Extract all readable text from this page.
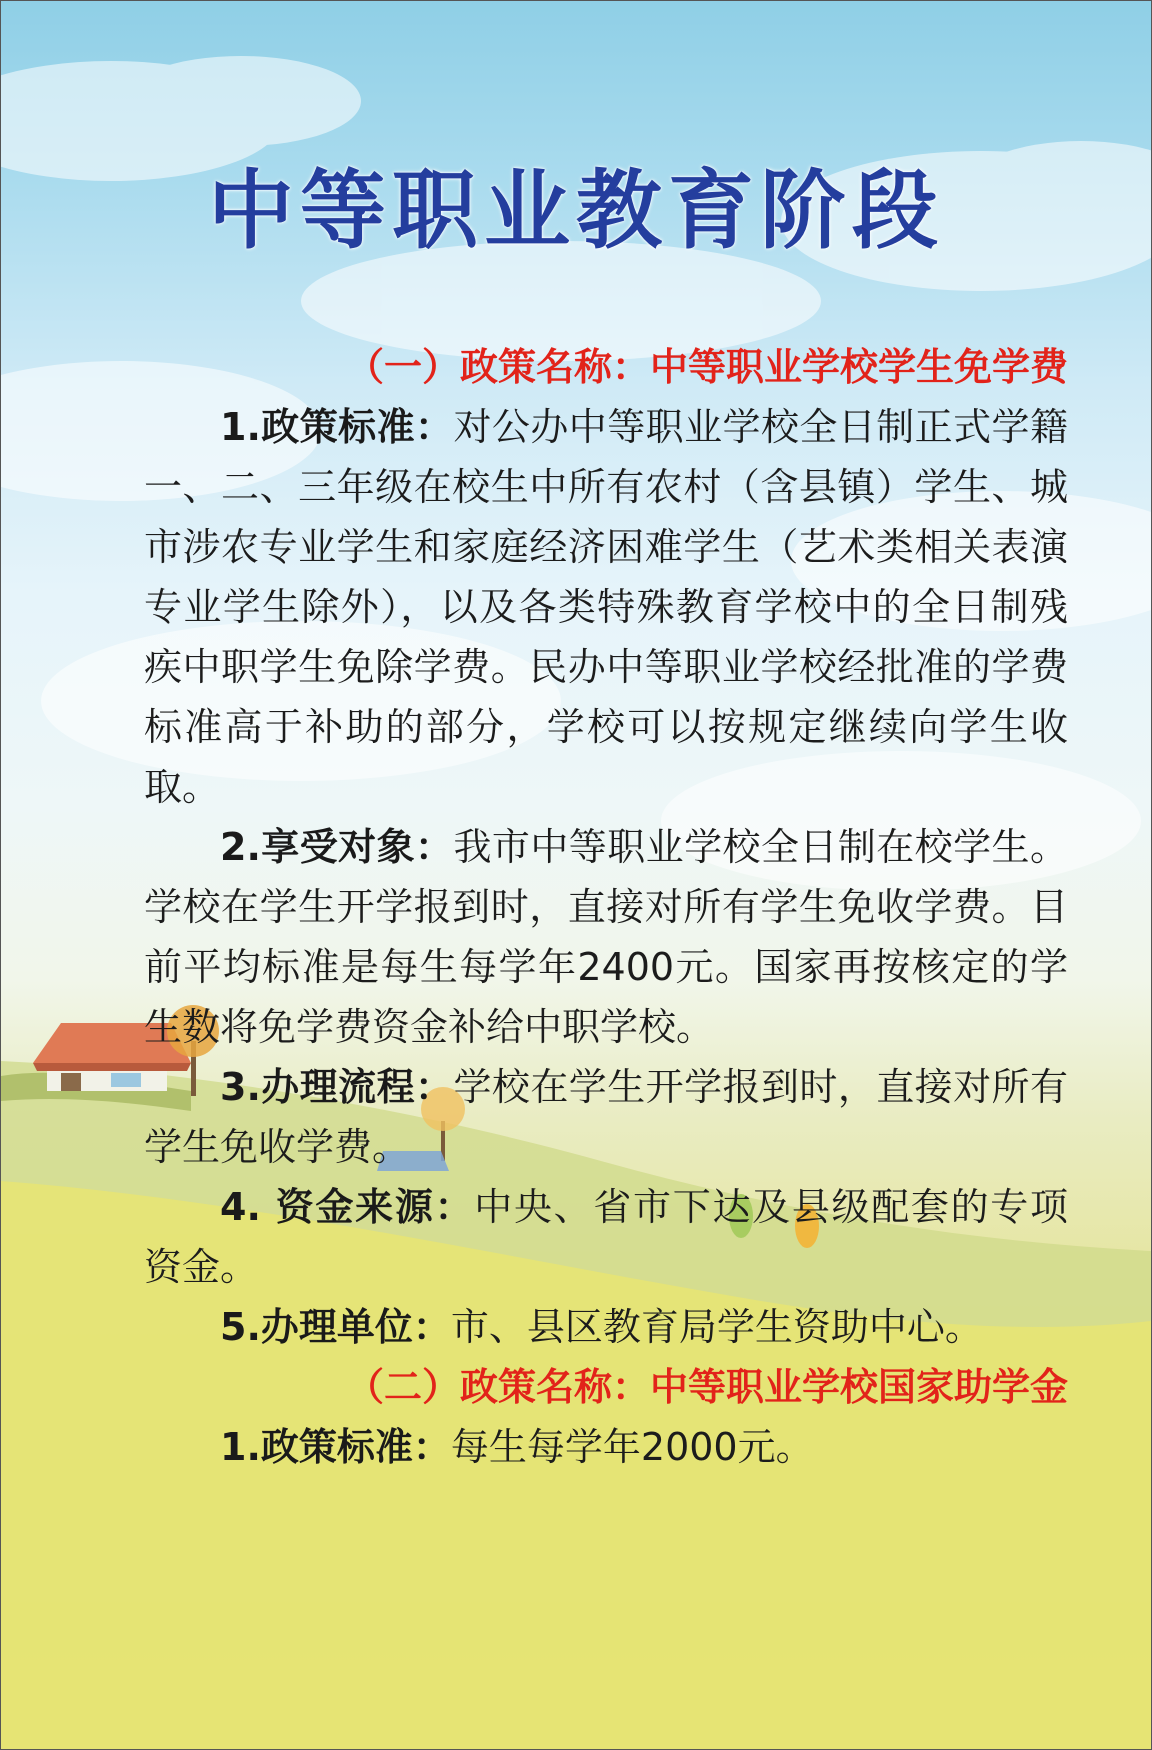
中等职业教育阶段

（一）政策名称：中等职业学校学生免学费

1.政策标准：对公办中等职业学校全日制正式学籍一、二、三年级在校生中所有农村（含县镇）学生、城市涉农专业学生和家庭经济困难学生（艺术类相关表演专业学生除外），以及各类特殊教育学校中的全日制残疾中职学生免除学费。民办中等职业学校经批准的学费标准高于补助的部分，学校可以按规定继续向学生收取。

2.享受对象：我市中等职业学校全日制在校学生。学校在学生开学报到时，直接对所有学生免收学费。目前平均标准是每生每学年2400元。国家再按核定的学生数将免学费资金补给中职学校。

3.办理流程：学校在学生开学报到时，直接对所有学生免收学费。

4. 资金来源：中央、省市下达及县级配套的专项资金。

5.办理单位：市、县区教育局学生资助中心。

（二）政策名称：中等职业学校国家助学金

1.政策标准：每生每学年2000元。
